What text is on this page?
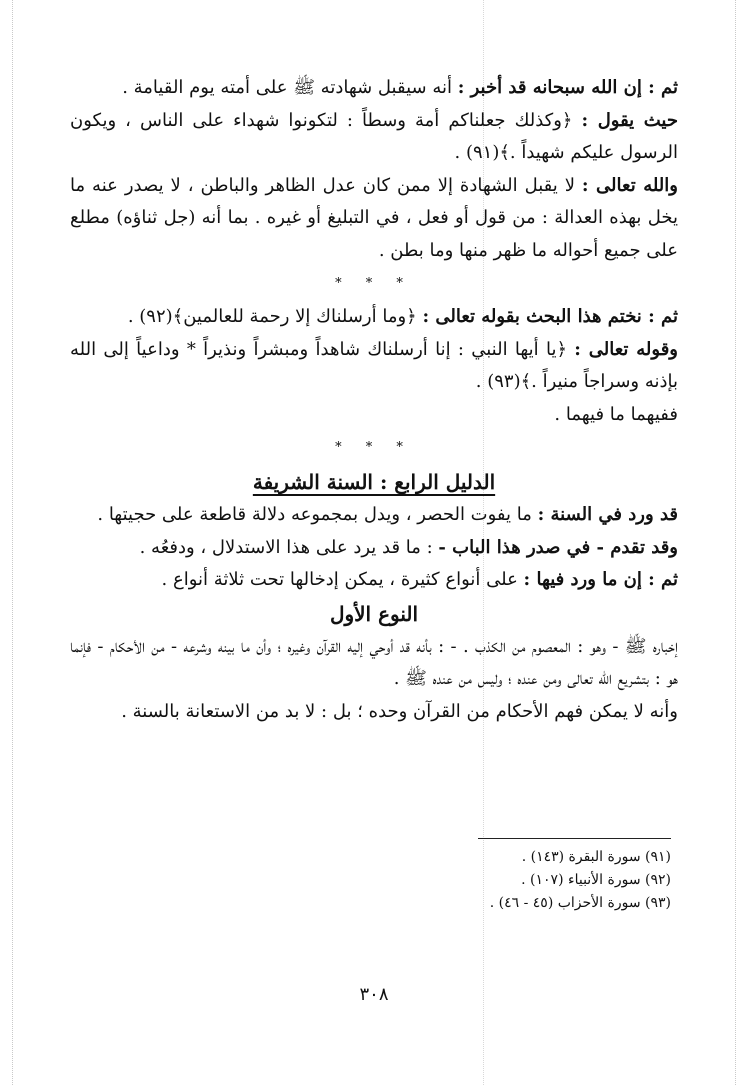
ثم : إن الله سبحانه قد أخبر : أنه سيقبل شهادته ﷺ على أمته يوم القيامة .

حيث يقول : ﴿وكذلك جعلناكم أمة وسطاً : لتكونوا شهداء على الناس ، ويكون الرسول عليكم شهيداً .﴾(٩١) .

والله تعالى : لا يقبل الشهادة إلا ممن كان عدل الظاهر والباطن ، لا يصدر عنه ما يخل بهذه العدالة : من قول أو فعل ، في التبليغ أو غيره . بما أنه (جل ثناؤه) مطلع على جميع أحواله ما ظهر منها وما بطن .

* * *

ثم : نختم هذا البحث بقوله تعالى : ﴿وما أرسلناك إلا رحمة للعالمين﴾(٩٢) .

وقوله تعالى : ﴿يا أيها النبي : إنا أرسلناك شاهداً ومبشراً ونذيراً * وداعياً إلى الله بإذنه وسراجاً منيراً .﴾(٩٣) .

ففيهما ما فيهما .

* * *
الدليل الرابع : السنة الشريفة

قد ورد في السنة : ما يفوت الحصر ، ويدل بمجموعه دلالة قاطعة على حجيتها .

وقد تقدم - في صدر هذا الباب - : ما قد يرد على هذا الاستدلال ، ودفعُه .

ثم : إن ما ورد فيها : على أنواع كثيرة ، يمكن إدخالها تحت ثلاثة أنواع .

النوع الأول

إخباره ﷺ - وهو : المعصوم من الكذب . - : بأنه قد أوحي إليه القرآن وغيره ؛ وأن ما بينه وشرعه - من الأحكام - فإنما هو : بتشريع الله تعالى ومن عنده ؛ وليس من عنده ﷺ .

وأنه لا يمكن فهم الأحكام من القرآن وحده ؛ بل : لا بد من الاستعانة بالسنة .

(٩١) سورة البقرة (١٤٣) .
(٩٢) سورة الأنبياء (١٠٧) .
(٩٣) سورة الأحزاب (٤٥ - ٤٦) .
٣٠٨
